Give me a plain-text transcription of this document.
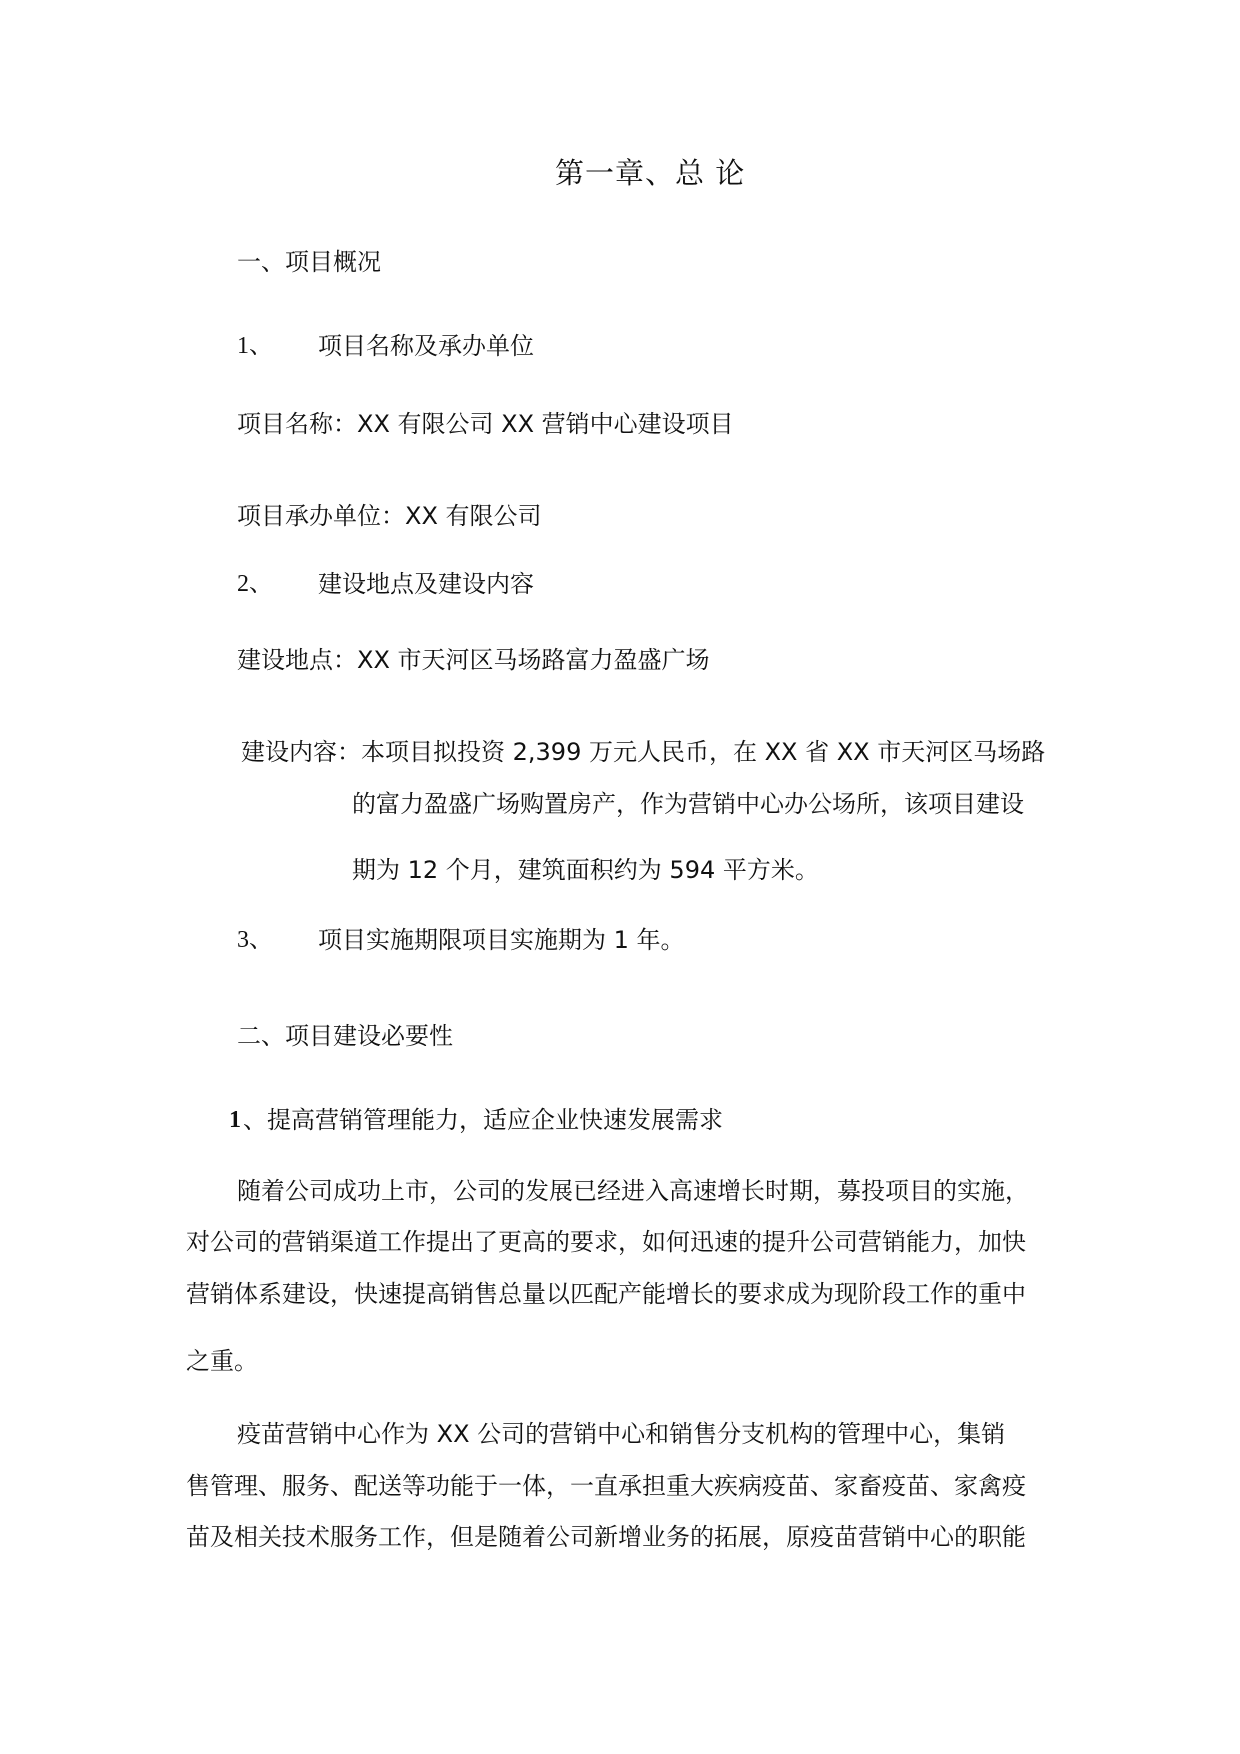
第一章、总 论
一、项目概况
1、 项目名称及承办单位
项目名称：XX 有限公司 XX 营销中心建设项目
项目承办单位：XX 有限公司
2、 建设地点及建设内容
建设地点：XX 市天河区马场路富力盈盛广场
建设内容：本项目拟投资 2,399 万元人民币，在 XX 省 XX 市天河区马场路
的富力盈盛广场购置房产，作为营销中心办公场所，该项目建设
期为 12 个月，建筑面积约为 594 平方米。
3、 项目实施期限项目实施期为 1 年。
二、项目建设必要性
1 、提高营销管理能力，适应企业快速发展需求
随着公司成功上市，公司的发展已经进入高速增长时期，募投项目的实施，
对公司的营销渠道工作提出了更高的要求，如何迅速的提升公司营销能力，加快
营销体系建设，快速提高销售总量以匹配产能增长的要求成为现阶段工作的重中
之重。
疫苗营销中心作为 XX 公司的营销中心和销售分支机构的管理中心，集销
售管理、服务、配送等功能于一体，一直承担重大疾病疫苗、家畜疫苗、家禽疫
苗及相关技术服务工作，但是随着公司新增业务的拓展，原疫苗营销中心的职能
